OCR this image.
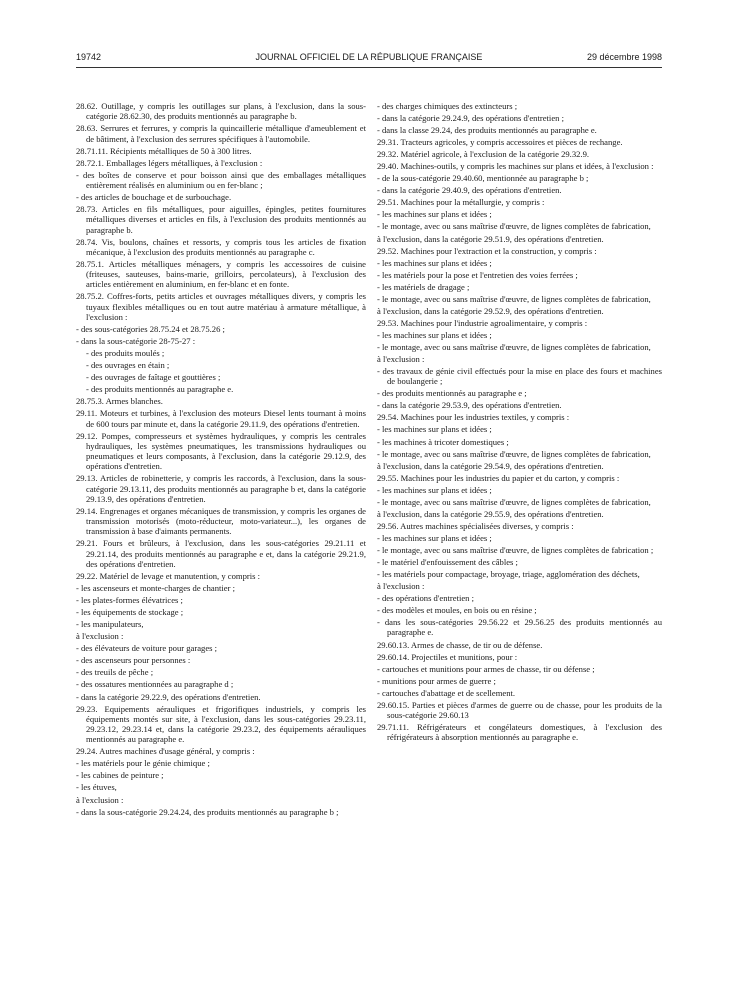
19742	JOURNAL OFFICIEL DE LA RÉPUBLIQUE FRANÇAISE	29 décembre 1998

28.62. Outillage, y compris les outillages sur plans, à l'exclusion, dans la sous-catégorie 28.62.30, des produits mentionnés au paragraphe b.

28.63. Serrures et ferrures, y compris la quincaillerie métallique d'ameublement et de bâtiment, à l'exclusion des serrures spécifiques à l'automobile.

28.71.11. Récipients métalliques de 50 à 300 litres.

28.72.1. Emballages légers métalliques, à l'exclusion :

- des boîtes de conserve et pour boisson ainsi que des emballages métalliques entièrement réalisés en aluminium ou en fer-blanc ;

- des articles de bouchage et de surbouchage.

28.73. Articles en fils métalliques, pour aiguilles, épingles, petites fournitures métalliques diverses et articles en fils, à l'exclusion des produits mentionnés au paragraphe b.

28.74. Vis, boulons, chaînes et ressorts, y compris tous les articles de fixation mécanique, à l'exclusion des produits mentionnés au paragraphe c.

28.75.1. Articles métalliques ménagers, y compris les accessoires de cuisine (friteuses, sauteuses, bains-marie, grilloirs, percolateurs), à l'exclusion des articles entièrement en aluminium, en fer-blanc et en fonte.

28.75.2. Coffres-forts, petits articles et ouvrages métalliques divers, y compris les tuyaux flexibles métalliques ou en tout autre matériau à armature métallique, à l'exclusion :

- des sous-catégories 28.75.24 et 28.75.26 ;

- dans la sous-catégorie 28-75-27 :

- des produits moulés ;

- des ouvrages en étain ;

- des ouvrages de faîtage et gouttières ;

- des produits mentionnés au paragraphe e.

28.75.3. Armes blanches.

29.11. Moteurs et turbines, à l'exclusion des moteurs Diesel lents tournant à moins de 600 tours par minute et, dans la catégorie 29.11.9, des opérations d'entretien.

29.12. Pompes, compresseurs et systèmes hydrauliques, y compris les centrales hydrauliques, les systèmes pneumatiques, les transmissions hydrauliques ou pneumatiques et leurs composants, à l'exclusion, dans la catégorie 29.12.9, des opérations d'entretien.

29.13. Articles de robinetterie, y compris les raccords, à l'exclusion, dans la sous-catégorie 29.13.11, des produits mentionnés au paragraphe b et, dans la catégorie 29.13.9, des opérations d'entretien.

29.14. Engrenages et organes mécaniques de transmission, y compris les organes de transmission motorisés (moto-réducteur, moto-variateur...), les organes de transmission à base d'aimants permanents.

29.21. Fours et brûleurs, à l'exclusion, dans les sous-catégories 29.21.11 et 29.21.14, des produits mentionnés au paragraphe e et, dans la catégorie 29.21.9, des opérations d'entretien.

29.22. Matériel de levage et manutention, y compris :

- les ascenseurs et monte-charges de chantier ;

- les plates-formes élévatrices ;

- les équipements de stockage ;

- les manipulateurs,

à l'exclusion :

- des élévateurs de voiture pour garages ;

- des ascenseurs pour personnes :

- des treuils de pêche ;

- des ossatures mentionnées au paragraphe d ;

- dans la catégorie 29.22.9, des opérations d'entretien.

29.23. Equipements aérauliques et frigorifiques industriels, y compris les équipements montés sur site, à l'exclusion, dans les sous-catégories 29.23.11, 29.23.12, 29.23.14 et, dans la catégorie 29.23.2, des équipements aérauliques mentionnés au paragraphe e.

29.24. Autres machines d'usage général, y compris :

- les matériels pour le génie chimique ;

- les cabines de peinture ;

- les étuves,

à l'exclusion :

- dans la sous-catégorie 29.24.24, des produits mentionnés au paragraphe b ;

- des charges chimiques des extincteurs ;

- dans la catégorie 29.24.9, des opérations d'entretien ;

- dans la classe 29.24, des produits mentionnés au paragraphe e.

29.31. Tracteurs agricoles, y compris accessoires et pièces de rechange.

29.32. Matériel agricole, à l'exclusion de la catégorie 29.32.9.

29.40. Machines-outils, y compris les machines sur plans et idées, à l'exclusion :

- de la sous-catégorie 29.40.60, mentionnée au paragraphe b ;

- dans la catégorie 29.40.9, des opérations d'entretien.

29.51. Machines pour la métallurgie, y compris :

- les machines sur plans et idées ;

- le montage, avec ou sans maîtrise d'œuvre, de lignes complètes de fabrication,

à l'exclusion, dans la catégorie 29.51.9, des opérations d'entretien.

29.52. Machines pour l'extraction et la construction, y compris :

- les machines sur plans et idées ;

- les matériels pour la pose et l'entretien des voies ferrées ;

- les matériels de dragage ;

- le montage, avec ou sans maîtrise d'œuvre, de lignes complètes de fabrication,

à l'exclusion, dans la catégorie 29.52.9, des opérations d'entretien.

29.53. Machines pour l'industrie agroalimentaire, y compris :

- les machines sur plans et idées ;

- le montage, avec ou sans maîtrise d'œuvre, de lignes complètes de fabrication,

à l'exclusion :

- des travaux de génie civil effectués pour la mise en place des fours et machines de boulangerie ;

- des produits mentionnés au paragraphe e ;

- dans la catégorie 29.53.9, des opérations d'entretien.

29.54. Machines pour les industries textiles, y compris :

- les machines sur plans et idées ;

- les machines à tricoter domestiques ;

- le montage, avec ou sans maîtrise d'œuvre, de lignes complètes de fabrication,

à l'exclusion, dans la catégorie 29.54.9, des opérations d'entretien.

29.55. Machines pour les industries du papier et du carton, y compris :

- les machines sur plans et idées ;

- le montage, avec ou sans maîtrise d'œuvre, de lignes complètes de fabrication,

à l'exclusion, dans la catégorie 29.55.9, des opérations d'entretien.

29.56. Autres machines spécialisées diverses, y compris :

- les machines sur plans et idées ;

- le montage, avec ou sans maîtrise d'œuvre, de lignes complètes de fabrication ;

- le matériel d'enfouissement des câbles ;

- les matériels pour compactage, broyage, triage, agglomération des déchets,

à l'exclusion :

- des opérations d'entretien ;

- des modèles et moules, en bois ou en résine ;

- dans les sous-catégories 29.56.22 et 29.56.25 des produits mentionnés au paragraphe e.

29.60.13. Armes de chasse, de tir ou de défense.

29.60.14. Projectiles et munitions, pour :

- cartouches et munitions pour armes de chasse, tir ou défense ;

- munitions pour armes de guerre ;

- cartouches d'abattage et de scellement.

29.60.15. Parties et pièces d'armes de guerre ou de chasse, pour les produits de la sous-catégorie 29.60.13

29.71.11. Réfrigérateurs et congélateurs domestiques, à l'exclusion des réfrigérateurs à absorption mentionnés au paragraphe e.
